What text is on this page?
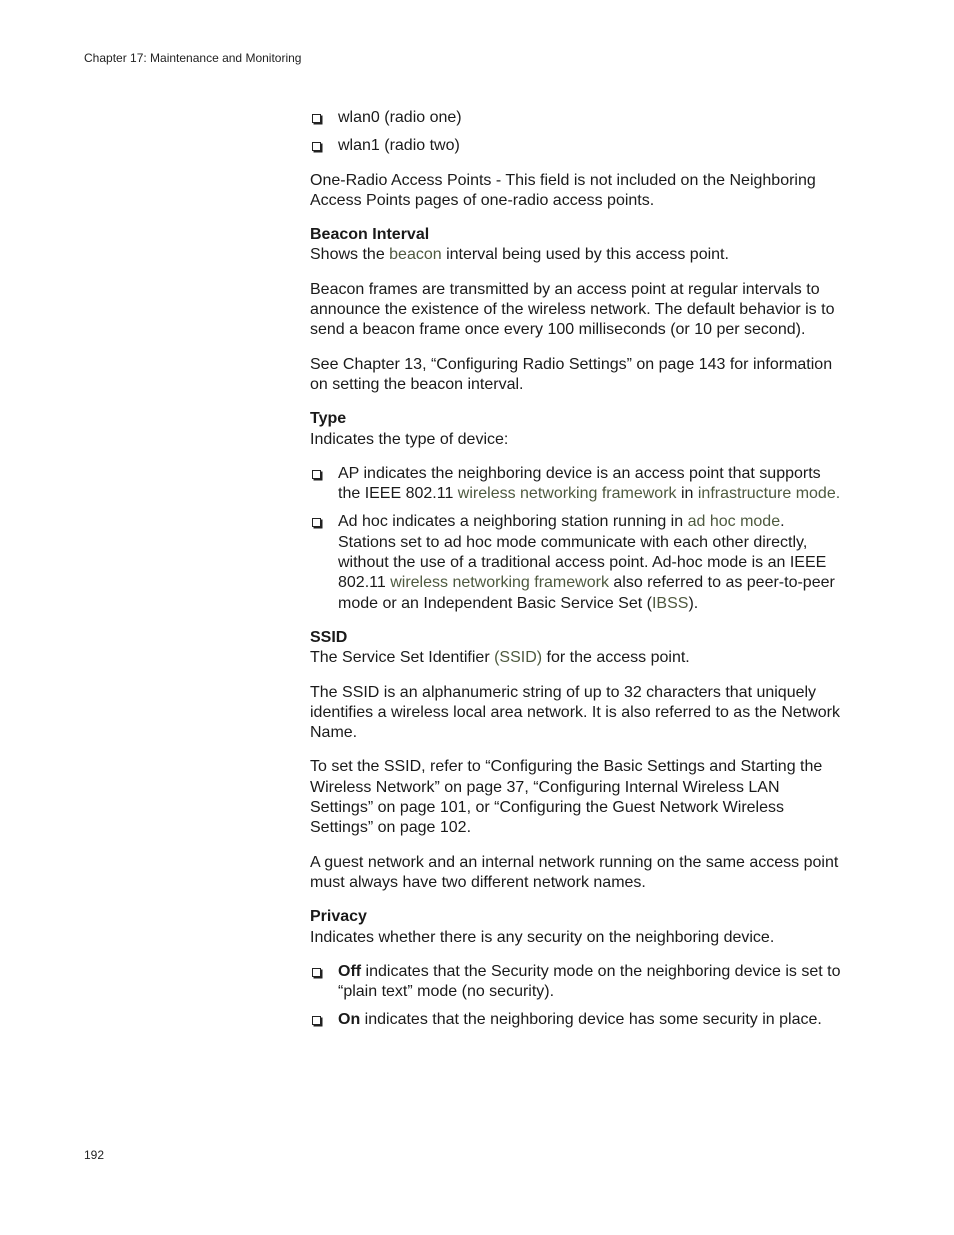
Chapter 17: Maintenance and Monitoring
wlan0 (radio one)
wlan1 (radio two)

One-Radio Access Points - This field is not included on the Neighboring Access Points pages of one-radio access points.

Beacon Interval

Shows the beacon interval being used by this access point.

Beacon frames are transmitted by an access point at regular intervals to announce the existence of the wireless network. The default behavior is to send a beacon frame once every 100 milliseconds (or 10 per second).

See Chapter 13, “Configuring Radio Settings” on page 143 for information on setting the beacon interval.

Type

Indicates the type of device:

AP indicates the neighboring device is an access point that supports the IEEE 802.11 wireless networking framework in infrastructure mode.
Ad hoc indicates a neighboring station running in ad hoc mode. Stations set to ad hoc mode communicate with each other directly, without the use of a traditional access point. Ad-hoc mode is an IEEE 802.11 wireless networking framework also referred to as peer-to-peer mode or an Independent Basic Service Set (IBSS).
SSID

The Service Set Identifier (SSID) for the access point.

The SSID is an alphanumeric string of up to 32 characters that uniquely identifies a wireless local area network. It is also referred to as the Network Name.

To set the SSID, refer to “Configuring the Basic Settings and Starting the Wireless Network” on page 37, “Configuring Internal Wireless LAN Settings” on page 101, or “Configuring the Guest Network Wireless Settings” on page 102.

A guest network and an internal network running on the same access point must always have two different network names.

Privacy

Indicates whether there is any security on the neighboring device.

Off indicates that the Security mode on the neighboring device is set to “plain text” mode (no security).
On indicates that the neighboring device has some security in place.
192
